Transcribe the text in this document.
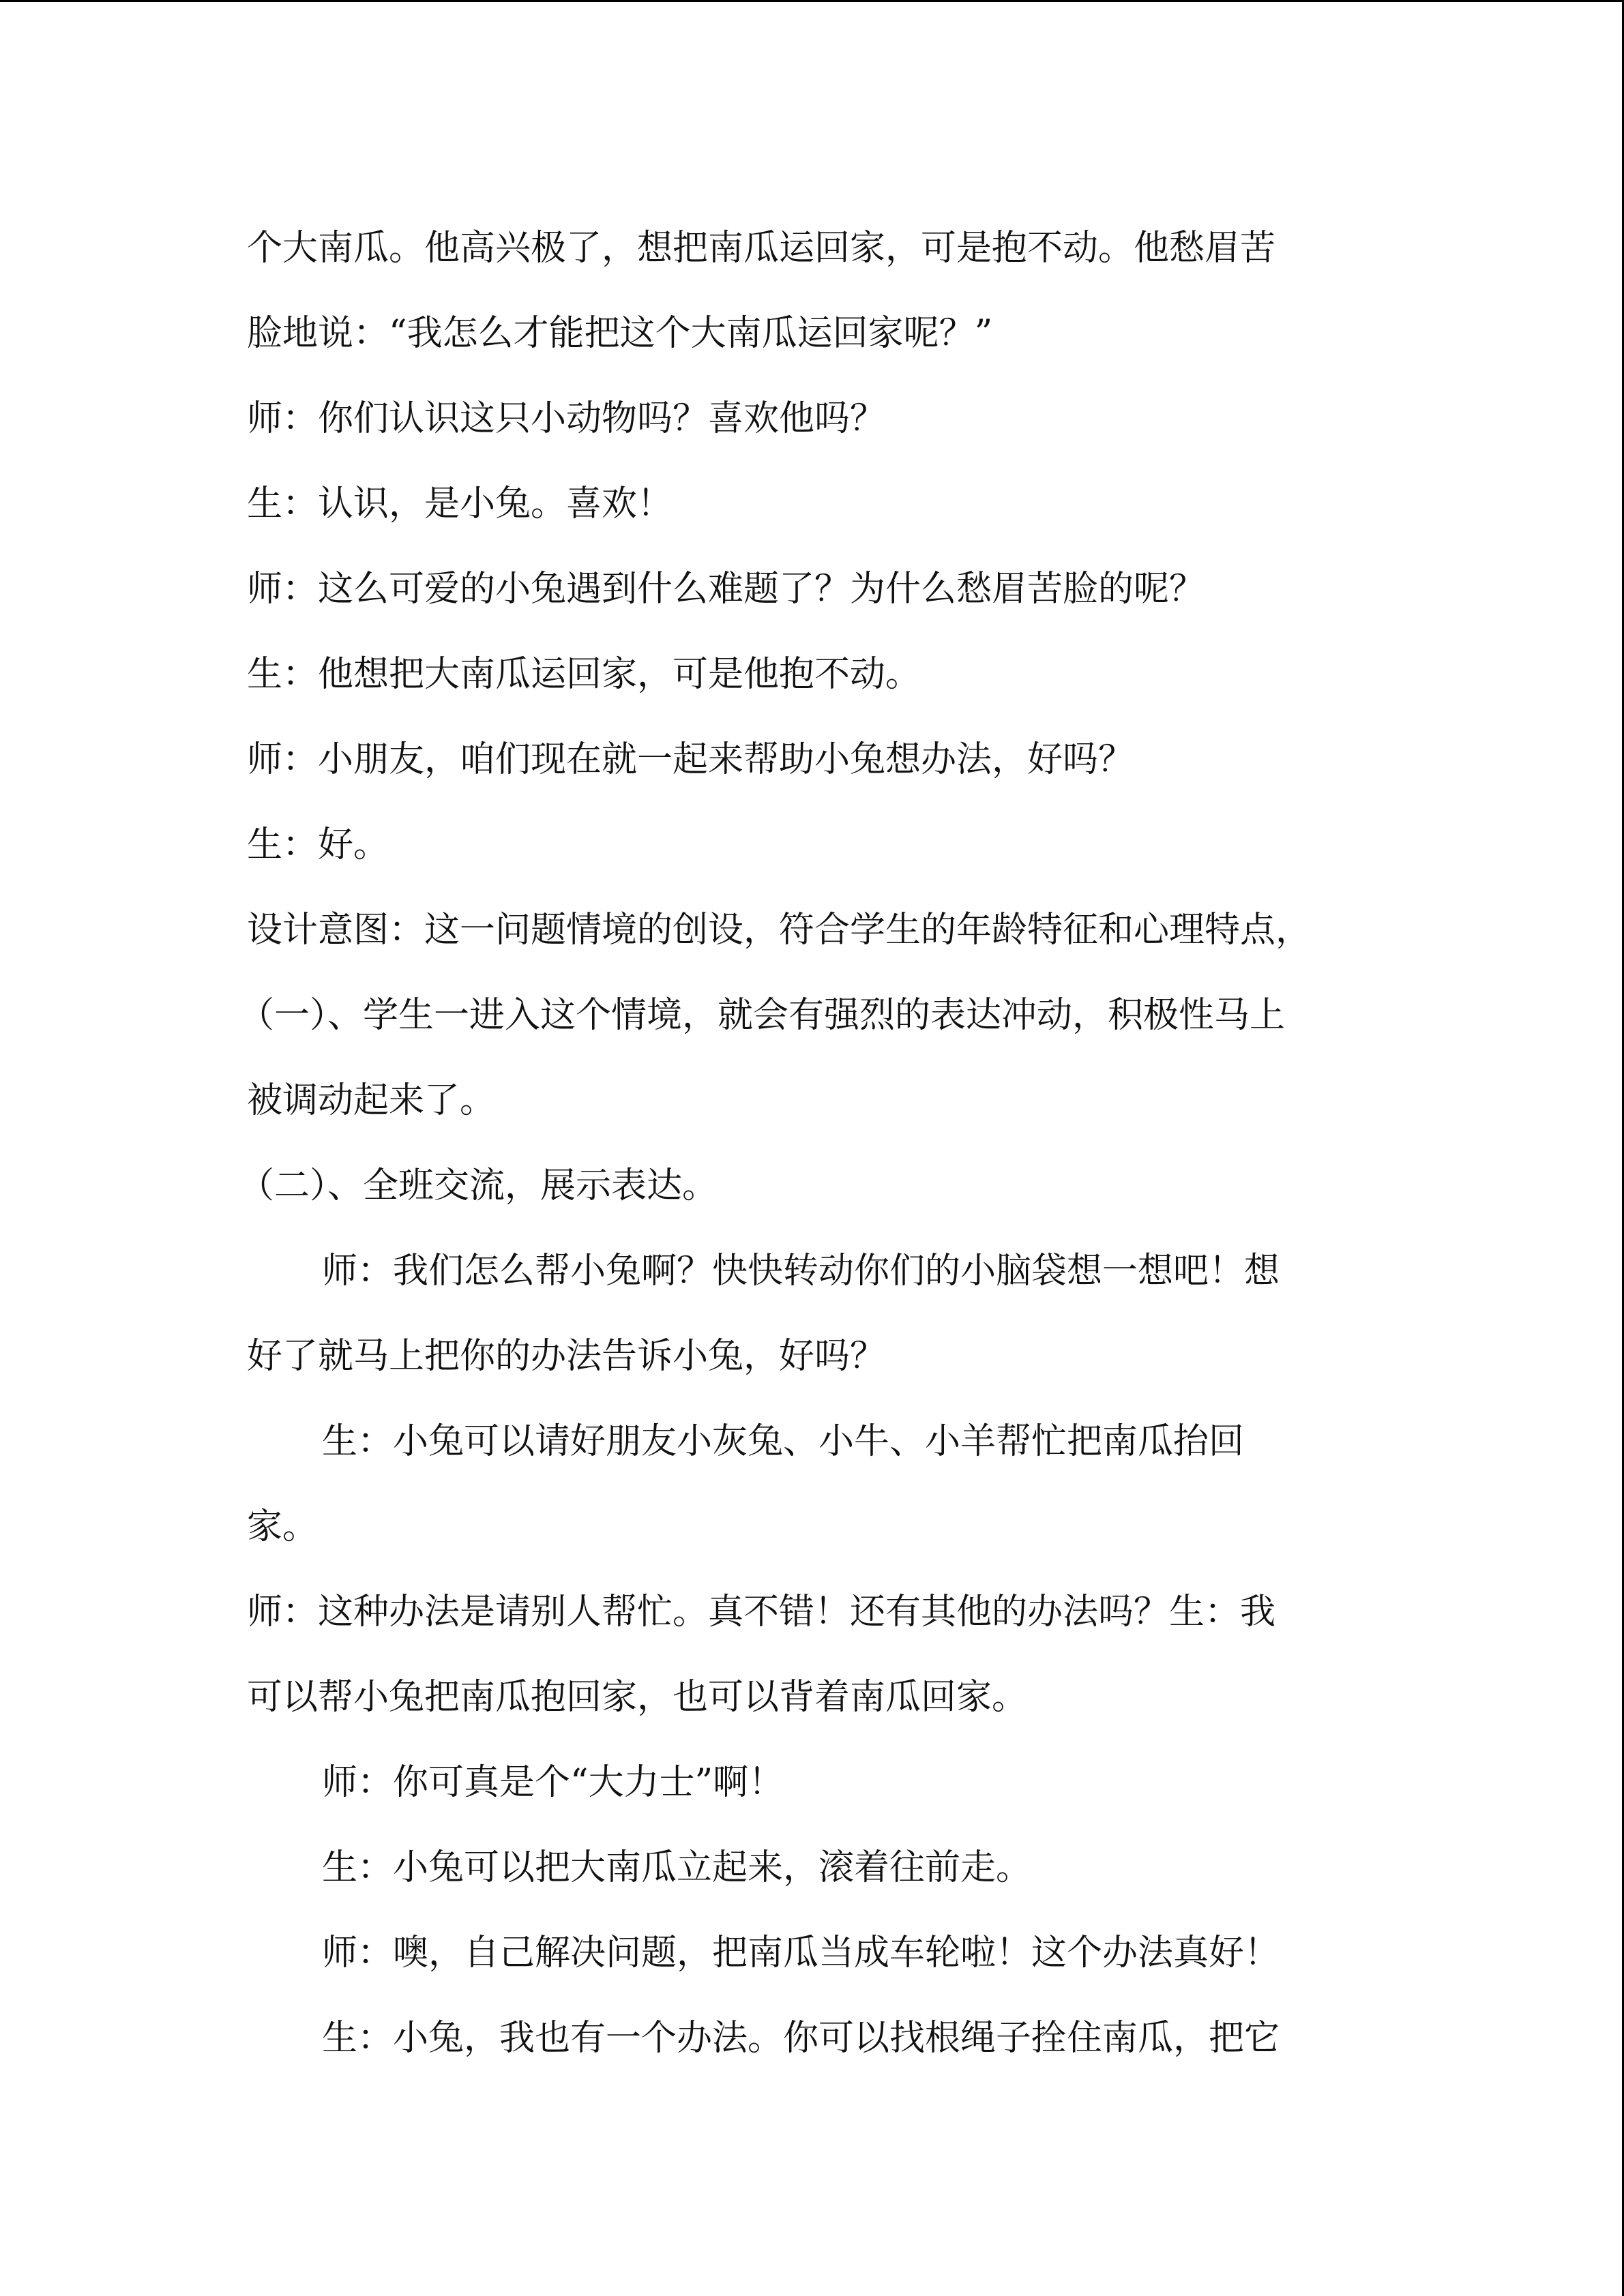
个大南瓜。他高兴极了，想把南瓜运回家，可是抱不动。他愁眉苦
脸地说：“我怎么才能把这个大南瓜运回家呢？”
师：你们认识这只小动物吗？喜欢他吗？
生：认识，是小兔。喜欢！
师：这么可爱的小兔遇到什么难题了？为什么愁眉苦脸的呢？
生：他想把大南瓜运回家，可是他抱不动。
师：小朋友，咱们现在就一起来帮助小兔想办法，好吗？
生：好。
设计意图：这一问题情境的创设，符合学生的年龄特征和心理特点，
（一）、学生一进入这个情境，就会有强烈的表达冲动，积极性马上
被调动起来了。
（二）、全班交流，展示表达。
师：我们怎么帮小兔啊？快快转动你们的小脑袋想一想吧！想
好了就马上把你的办法告诉小兔，好吗？
生：小兔可以请好朋友小灰兔、小牛、小羊帮忙把南瓜抬回
家。
师：这种办法是请别人帮忙。真不错！还有其他的办法吗？生：我
可以帮小兔把南瓜抱回家，也可以背着南瓜回家。
师：你可真是个“大力士”啊！
生：小兔可以把大南瓜立起来，滚着往前走。
师：噢，自己解决问题，把南瓜当成车轮啦！这个办法真好！
生：小兔，我也有一个办法。你可以找根绳子拴住南瓜，把它
